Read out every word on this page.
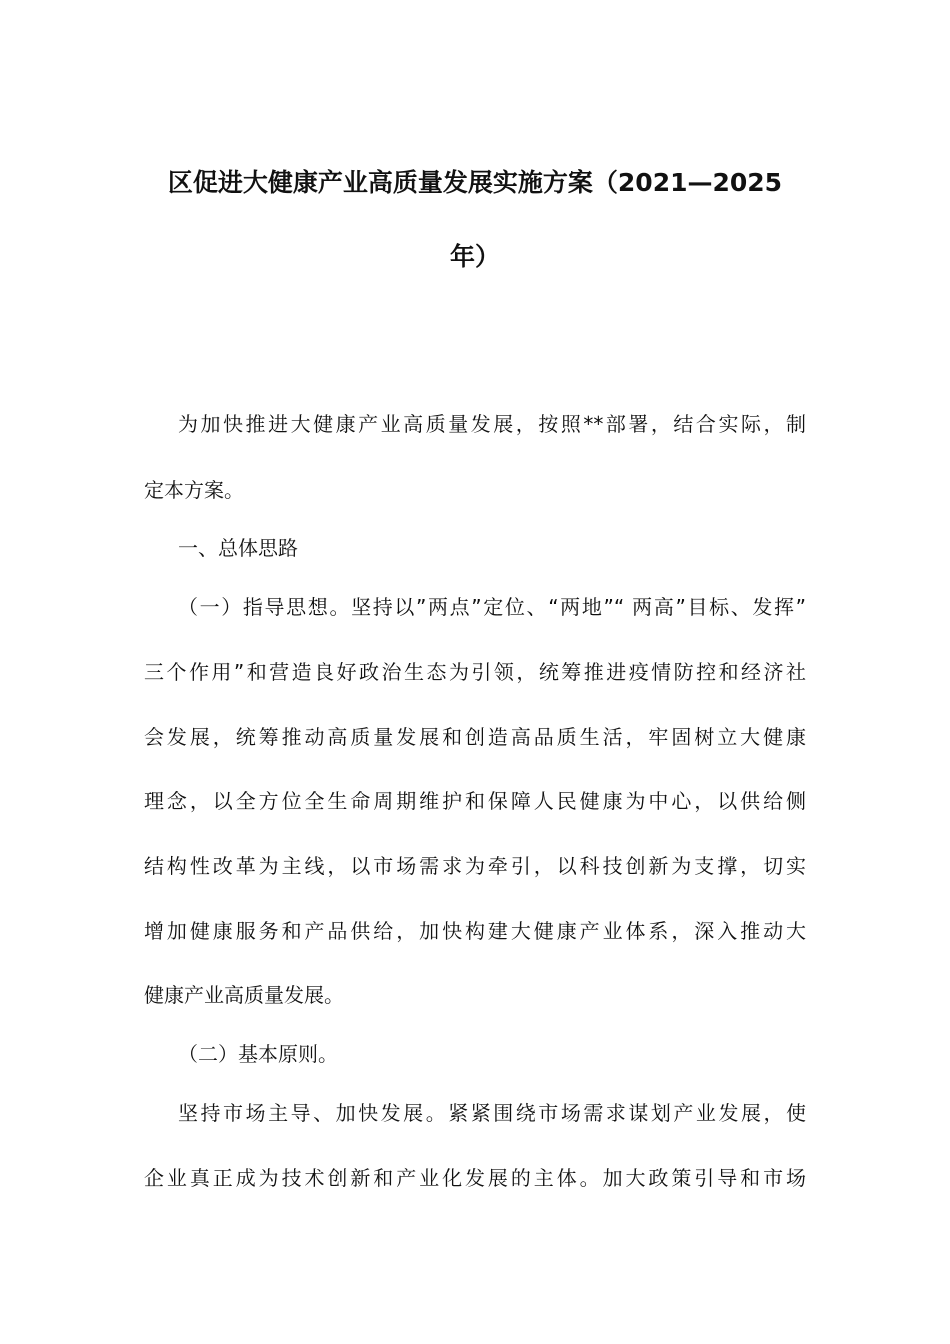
区促进大健康产业高质量发展实施方案（2021—2025
年）
为加快推进大健康产业高质量发展，按照**部署，结合实际，制
定本方案。
一、总体思路
（一）指导思想。坚持以”两点”定位、“两地”“ 两高”目标、发挥”
三个作用”和营造良好政治生态为引领，统筹推进疫情防控和经济社
会发展，统筹推动高质量发展和创造高品质生活，牢固树立大健康
理念，以全方位全生命周期维护和保障人民健康为中心，以供给侧
结构性改革为主线，以市场需求为牵引，以科技创新为支撑，切实
增加健康服务和产品供给，加快构建大健康产业体系，深入推动大
健康产业高质量发展。
（二）基本原则。
坚持市场主导、加快发展。紧紧围绕市场需求谋划产业发展，使
企业真正成为技术创新和产业化发展的主体。加大政策引导和市场
